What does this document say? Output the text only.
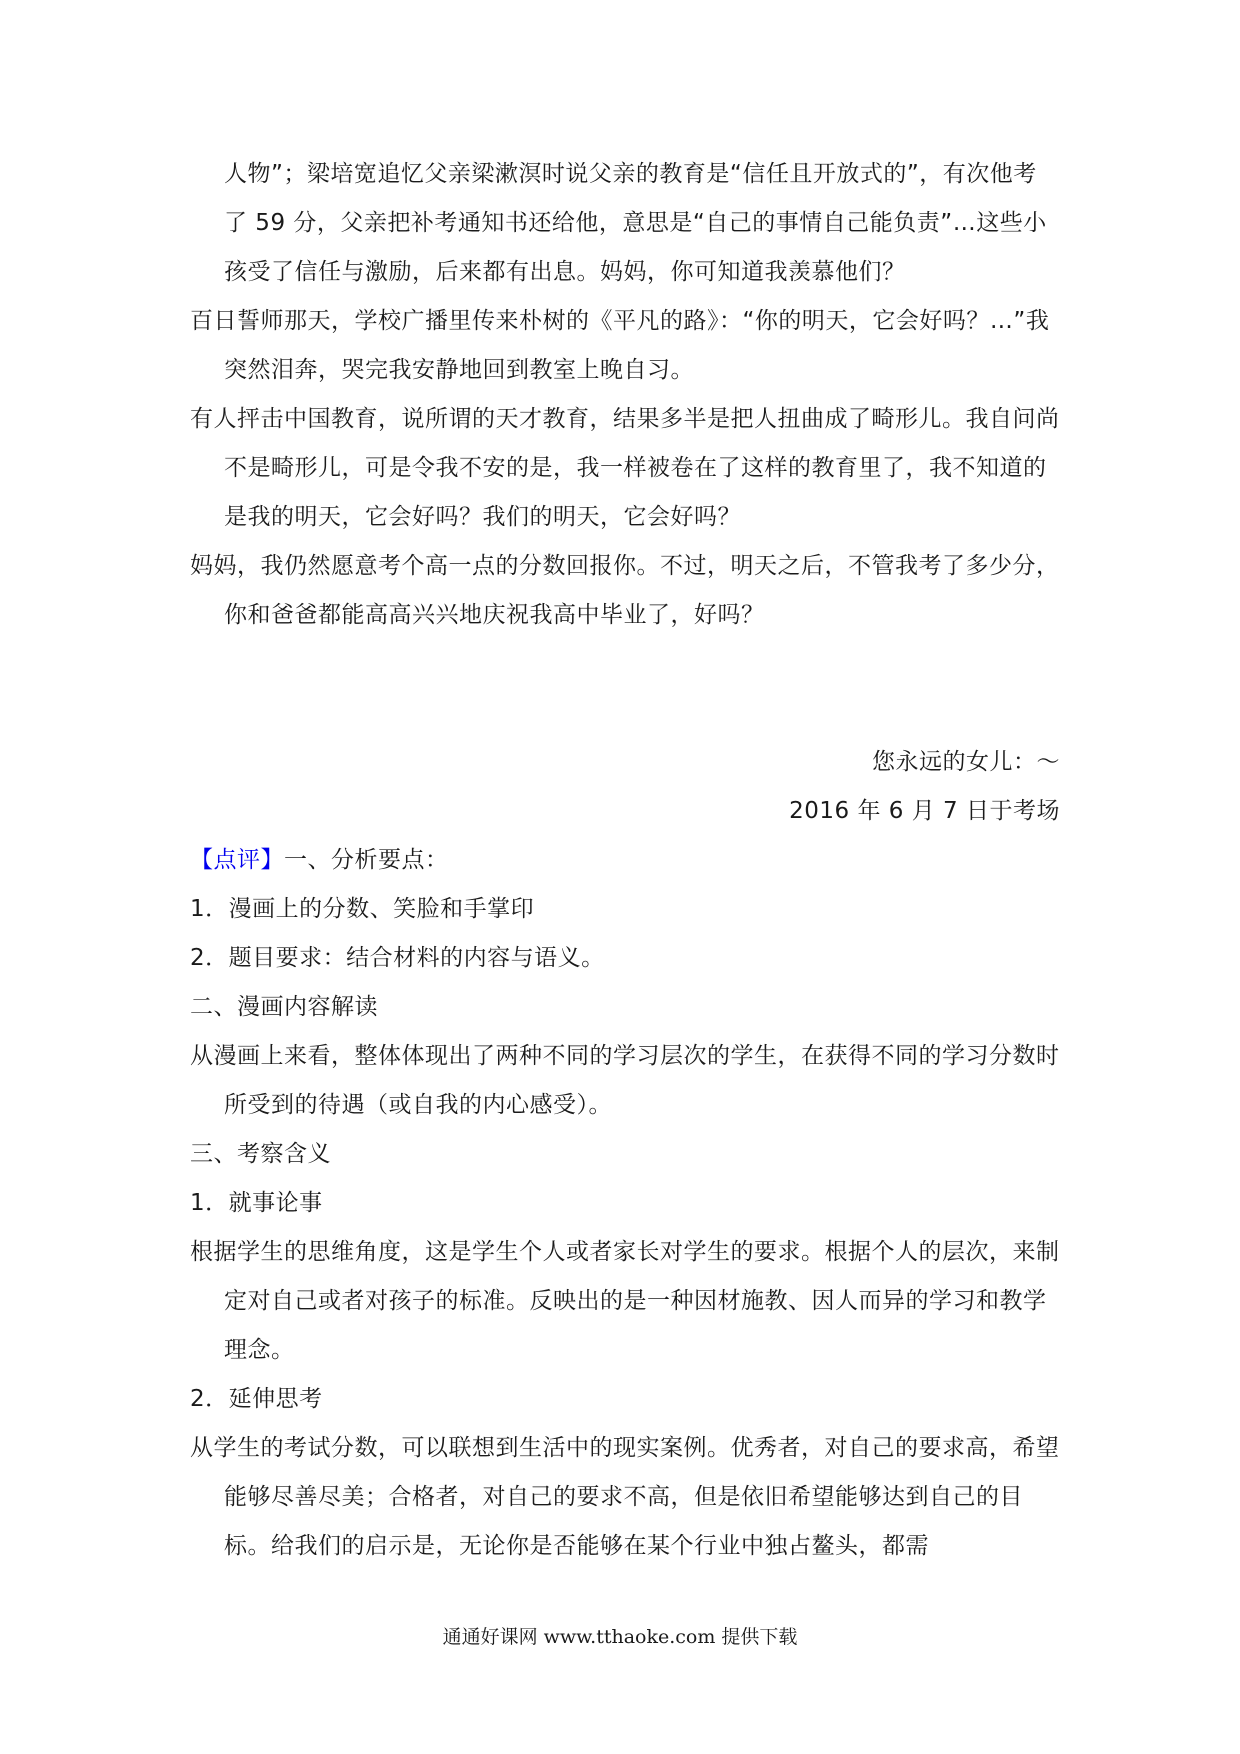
人物”；梁培宽追忆父亲梁漱溟时说父亲的教育是“信任且开放式的”，有次他考了 59 分，父亲把补考通知书还给他，意思是“自己的事情自己能负责”…这些小孩受了信任与激励，后来都有出息。妈妈，你可知道我羡慕他们？

百日誓师那天，学校广播里传来朴树的《平凡的路》：“你的明天，它会好吗？…”我突然泪奔，哭完我安静地回到教室上晚自习。

有人抨击中国教育，说所谓的天才教育，结果多半是把人扭曲成了畸形儿。我自问尚不是畸形儿，可是令我不安的是，我一样被卷在了这样的教育里了，我不知道的是我的明天，它会好吗？我们的明天，它会好吗？

妈妈，我仍然愿意考个高一点的分数回报你。不过，明天之后，不管我考了多少分，你和爸爸都能高高兴兴地庆祝我高中毕业了，好吗？

您永远的女儿：～

2016 年 6 月 7 日于考场

【点评】一、分析要点：

1．漫画上的分数、笑脸和手掌印

2．题目要求：结合材料的内容与语义。

二、漫画内容解读

从漫画上来看，整体体现出了两种不同的学习层次的学生，在获得不同的学习分数时所受到的待遇（或自我的内心感受）。

三、考察含义

1．就事论事

根据学生的思维角度，这是学生个人或者家长对学生的要求。根据个人的层次，来制定对自己或者对孩子的标准。反映出的是一种因材施教、因人而异的学习和教学理念。

2．延伸思考

从学生的考试分数，可以联想到生活中的现实案例。优秀者，对自己的要求高，希望能够尽善尽美；合格者，对自己的要求不高，但是依旧希望能够达到自己的目标。给我们的启示是，无论你是否能够在某个行业中独占鳌头，都需

通通好课网 www.tthaoke.com 提供下载
